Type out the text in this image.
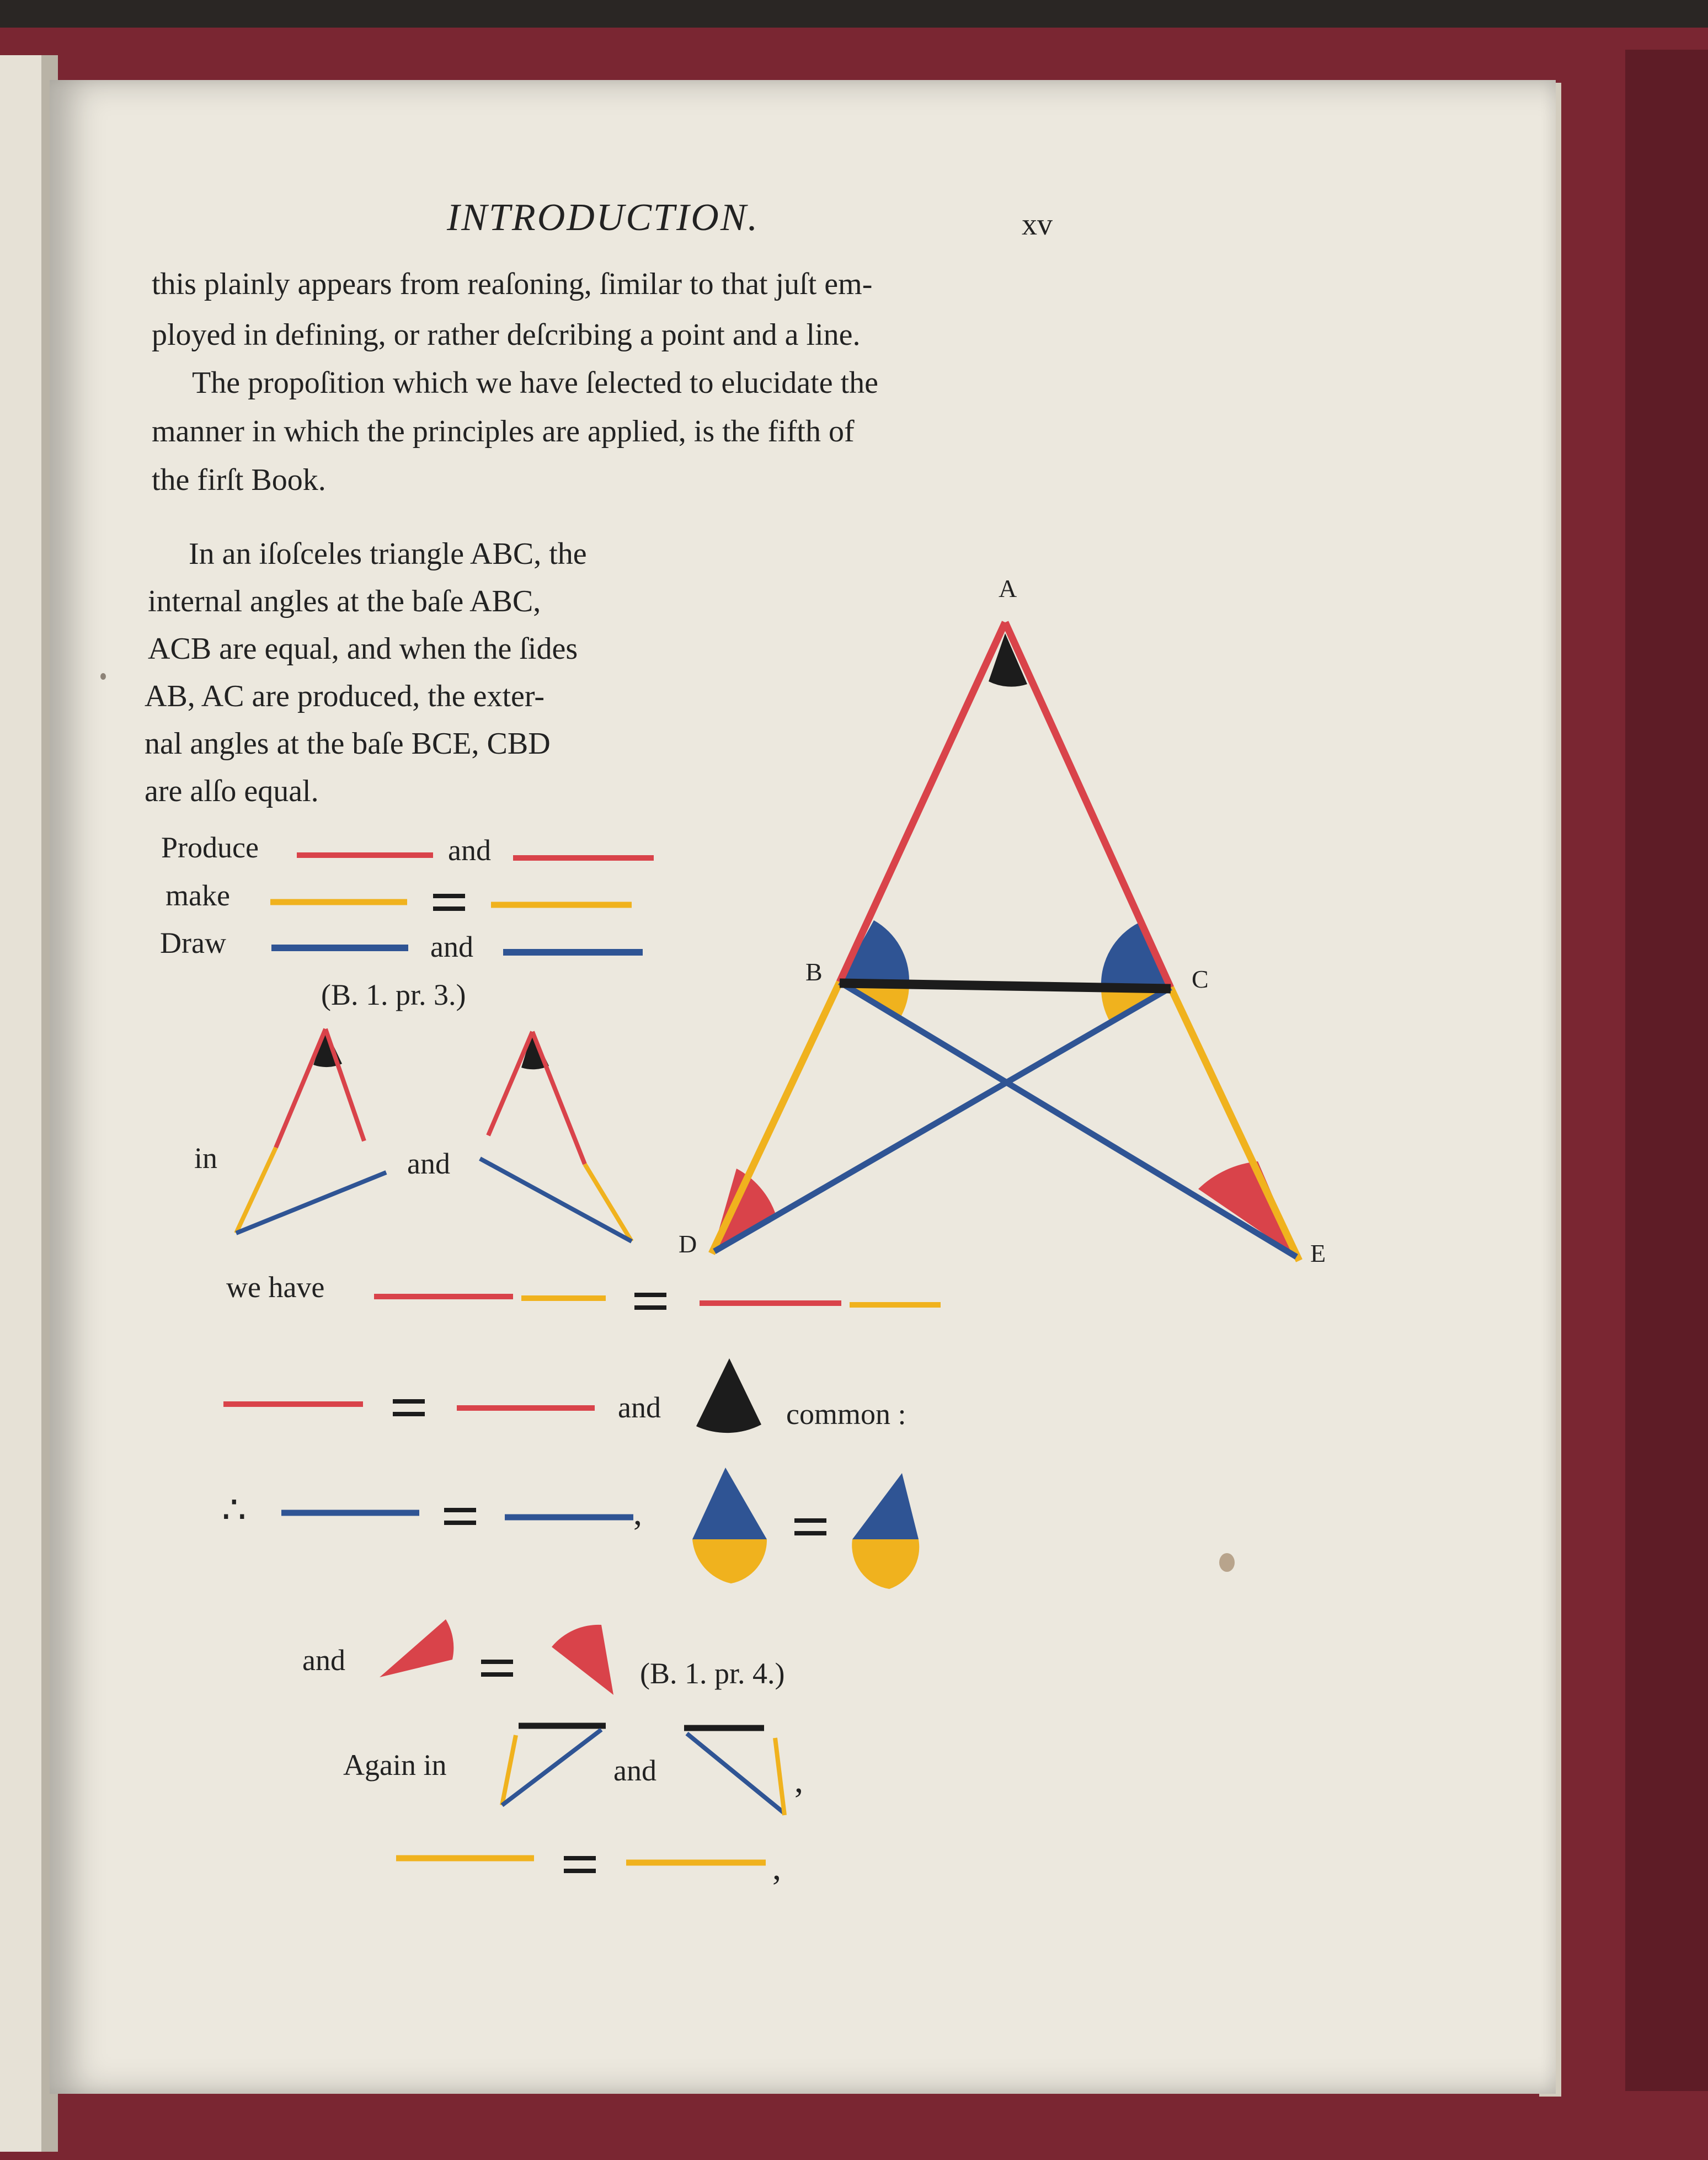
INTRODUCTION.	xv
this plainly appears from reaſoning, ſimilar to that juſt em-
ployed in defining, or rather deſcribing a point and a line.
The propoſition which we have ſelected to elucidate the
manner in which the principles are applied, is the fifth of
the firſt Book.
In an iſoſceles triangle ABC, the
internal angles at the baſe ABC,
ACB are equal, and when the ſides
AB, AC are produced, the exter-
nal angles at the baſe BCE, CBD
are alſo equal.
Produce	and
make
Draw	and
(B. 1. pr. 3.)
in	and
we have
and	common :
∴	,
and	(B. 1. pr. 4.)
Again in	and	,
,
A
B	C
D	E
